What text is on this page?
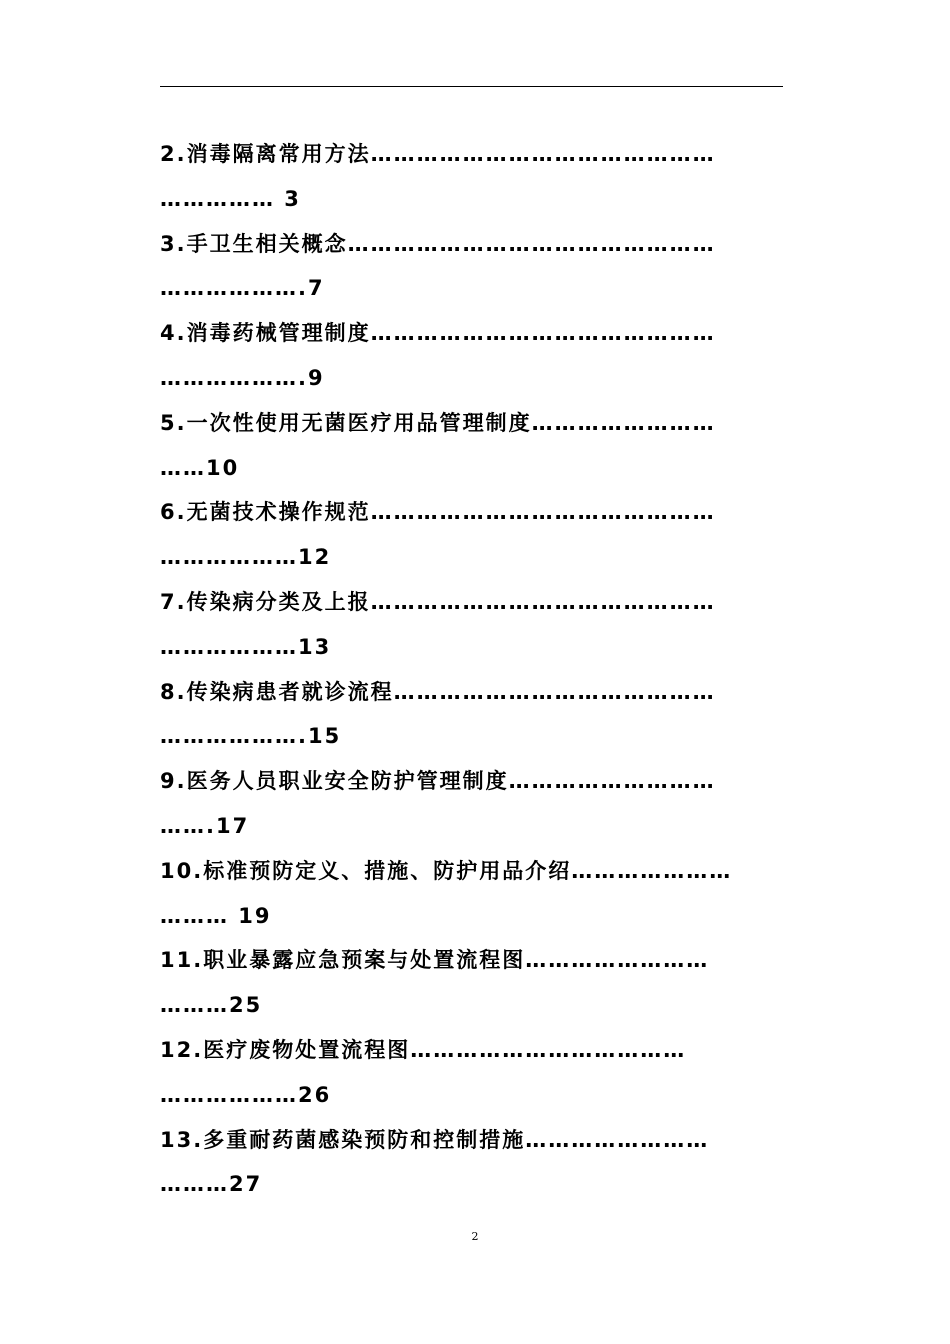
2.消毒隔离常用方法………………………………………
…………… 3
3.手卫生相关概念…………………………………………
……………….7
4.消毒药械管理制度………………………………………
……………….9
5.一次性使用无菌医疗用品管理制度……………………
……10
6.无菌技术操作规范………………………………………
………………12
7.传染病分类及上报………………………………………
………………13
8.传染病患者就诊流程……………………………………
……………….15
9.医务人员职业安全防护管理制度………………………
…….17
10.标准预防定义、措施、防护用品介绍…………………
……… 19
11.职业暴露应急预案与处置流程图……………………
………25
12.医疗废物处置流程图………………………………
………………26
13.多重耐药菌感染预防和控制措施……………………
………27
2
